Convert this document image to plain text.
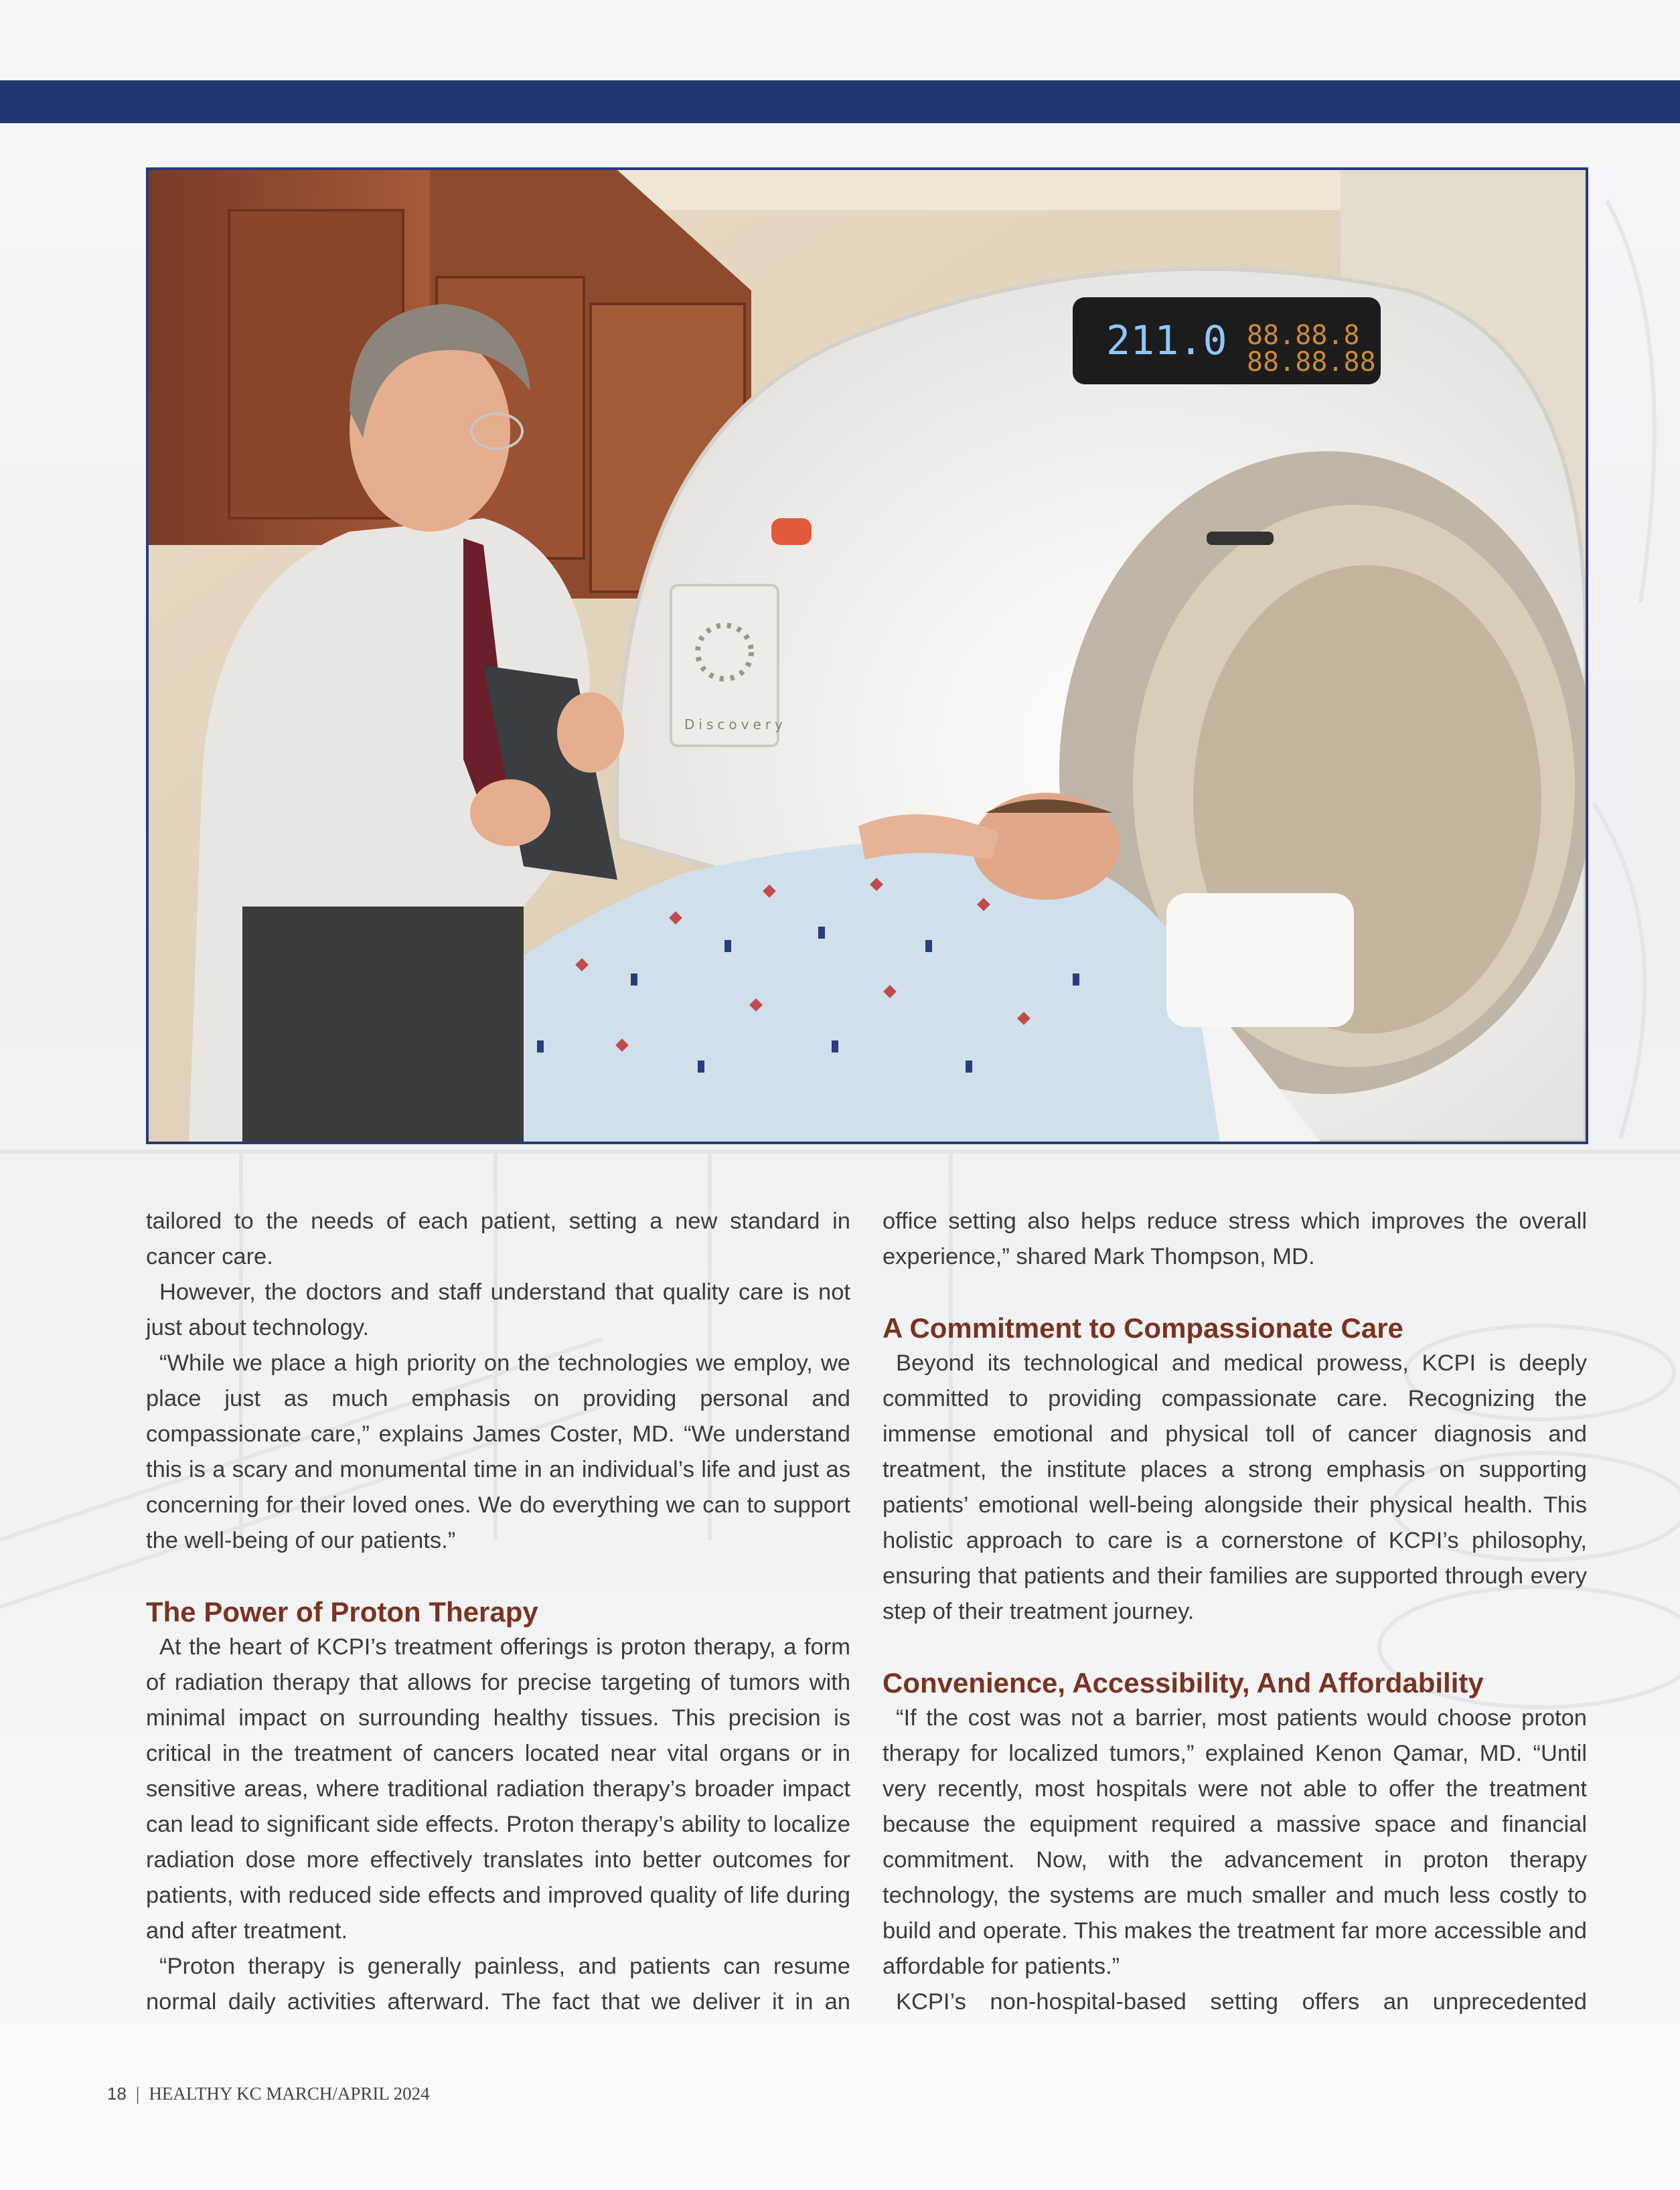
211.0 88.88.8
88.88.88
Discovery

tailored to the needs of each patient, setting a new standard in cancer care.

However, the doctors and staff understand that quality care is not just about technology.

“While we place a high priority on the technologies we employ, we place just as much emphasis on providing personal and compassionate care,” explains James Coster, MD. “We understand this is a scary and monumental time in an individual’s life and just as concerning for their loved ones. We do everything we can to support the well-being of our patients.”

The Power of Proton Therapy

At the heart of KCPI’s treatment offerings is proton therapy, a form of radiation therapy that allows for precise targeting of tumors with minimal impact on surrounding healthy tissues. This precision is critical in the treatment of cancers located near vital organs or in sensitive areas, where traditional radiation therapy’s broader impact can lead to significant side effects. Proton therapy’s ability to localize radiation dose more effectively translates into better outcomes for patients, with reduced side effects and improved quality of life during and after treatment.

“Proton therapy is generally painless, and patients can resume normal daily activities afterward. The fact that we deliver it in an

office setting also helps reduce stress which improves the overall experience,” shared Mark Thompson, MD.

A Commitment to Compassionate Care

Beyond its technological and medical prowess, KCPI is deeply committed to providing compassionate care. Recognizing the immense emotional and physical toll of cancer diagnosis and treatment, the institute places a strong emphasis on supporting patients’ emotional well-being alongside their physical health. This holistic approach to care is a cornerstone of KCPI’s philosophy, ensuring that patients and their families are supported through every step of their treatment journey.

Convenience, Accessibility, And Affordability

“If the cost was not a barrier, most patients would choose proton therapy for localized tumors,” explained Kenon Qamar, MD. “Until very recently, most hospitals were not able to offer the treatment because the equipment required a massive space and financial commitment. Now, with the advancement in proton therapy technology, the systems are much smaller and much less costly to build and operate. This makes the treatment far more accessible and affordable for patients.”

KCPI’s non-hospital-based setting offers an unprecedented

18 | HEALTHY KC MARCH/APRIL 2024
